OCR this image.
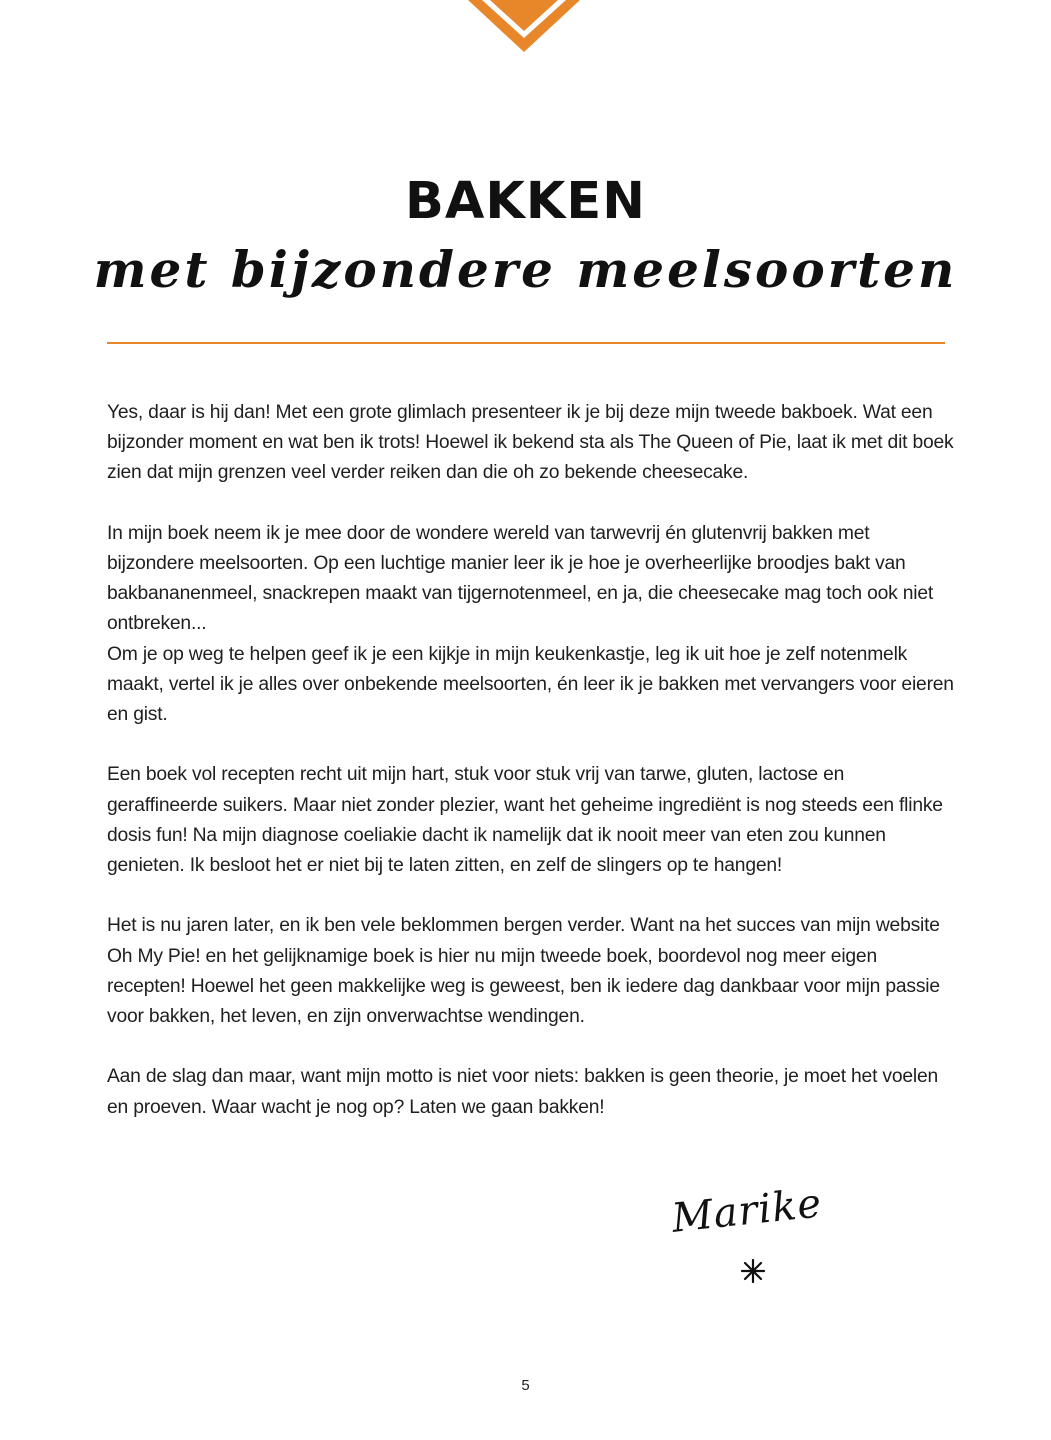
BAKKEN
met bijzondere meelsoorten

Yes, daar is hij dan! Met een grote glimlach presenteer ik je bij deze mijn tweede bakboek. Wat een bijzonder moment en wat ben ik trots! Hoewel ik bekend sta als The Queen of Pie, laat ik met dit boek zien dat mijn grenzen veel verder reiken dan die oh zo bekende cheesecake.

In mijn boek neem ik je mee door de wondere wereld van tarwevrij én glutenvrij bakken met bijzondere meelsoorten. Op een luchtige manier leer ik je hoe je overheerlijke broodjes bakt van bakbananenmeel, snackrepen maakt van tijgernotenmeel, en ja, die cheesecake mag toch ook niet ontbreken...
Om je op weg te helpen geef ik je een kijkje in mijn keukenkastje, leg ik uit hoe je zelf notenmelk maakt, vertel ik je alles over onbekende meelsoorten, én leer ik je bakken met vervangers voor eieren en gist.

Een boek vol recepten recht uit mijn hart, stuk voor stuk vrij van tarwe, gluten, lactose en geraffineerde suikers. Maar niet zonder plezier, want het geheime ingrediënt is nog steeds een flinke dosis fun! Na mijn diagnose coeliakie dacht ik namelijk dat ik nooit meer van eten zou kunnen genieten. Ik besloot het er niet bij te laten zitten, en zelf de slingers op te hangen!

Het is nu jaren later, en ik ben vele beklommen bergen verder. Want na het succes van mijn website Oh My Pie! en het gelijknamige boek is hier nu mijn tweede boek, boordevol nog meer eigen recepten! Hoewel het geen makkelijke weg is geweest, ben ik iedere dag dankbaar voor mijn passie voor bakken, het leven, en zijn onverwachtse wendingen.

Aan de slag dan maar, want mijn motto is niet voor niets: bakken is geen theorie, je moet het voelen en proeven. Waar wacht je nog op? Laten we gaan bakken!

Marike
5
